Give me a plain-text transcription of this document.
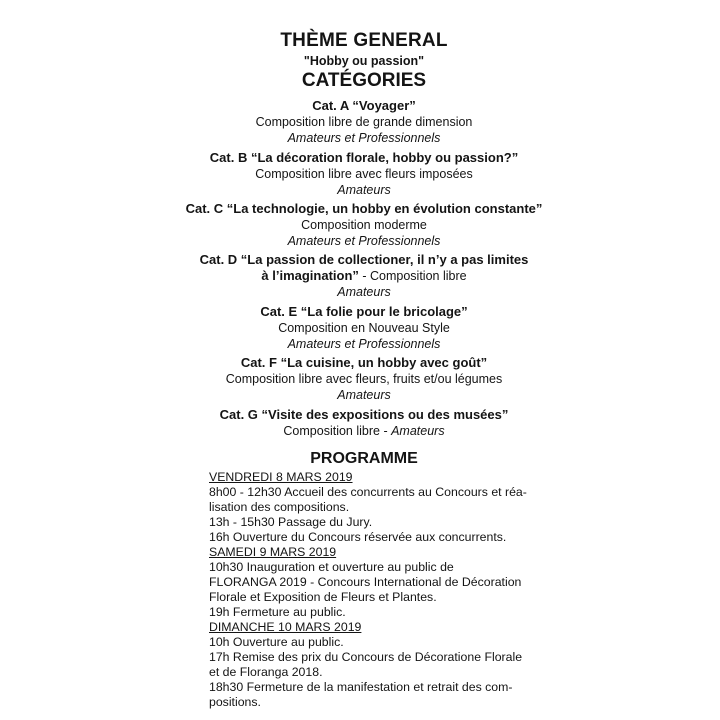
THÈME GENERAL
"Hobby ou passion"
CATÉGORIES
Cat. A “Voyager”
Composition libre de grande dimension
Amateurs et Professionnels
Cat. B “La décoration florale, hobby ou passion?”
Composition libre avec fleurs imposées
Amateurs
Cat. C “La technologie, un hobby en évolution constante”
Composition moderme
Amateurs et Professionnels
Cat. D “La passion de collectioner, il n’y a pas limites
à l’imagination” - Composition libre
Amateurs
Cat. E “La folie pour le bricolage”
Composition en Nouveau Style
Amateurs et Professionnels
Cat. F “La cuisine, un hobby avec goût”
Composition libre avec fleurs, fruits et/ou légumes
Amateurs
Cat. G “Visite des expositions ou des musées”
Composition libre - Amateurs
PROGRAMME
VENDREDI 8 MARS 2019
8h00 - 12h30 Accueil des concurrents au Concours et réa-
lisation des compositions.
13h - 15h30 Passage du Jury.
16h Ouverture du Concours réservée aux concurrents.
SAMEDI 9 MARS 2019
10h30 Inauguration et ouverture au public de
FLORANGA 2019 - Concours International de Décoration
Florale et Exposition de Fleurs et Plantes.
19h Fermeture au public.
DIMANCHE 10 MARS 2019
10h Ouverture au public.
17h Remise des prix du Concours de Décoratione Florale
et de Floranga 2018.
18h30 Fermeture de la manifestation et retrait des com-
positions.
